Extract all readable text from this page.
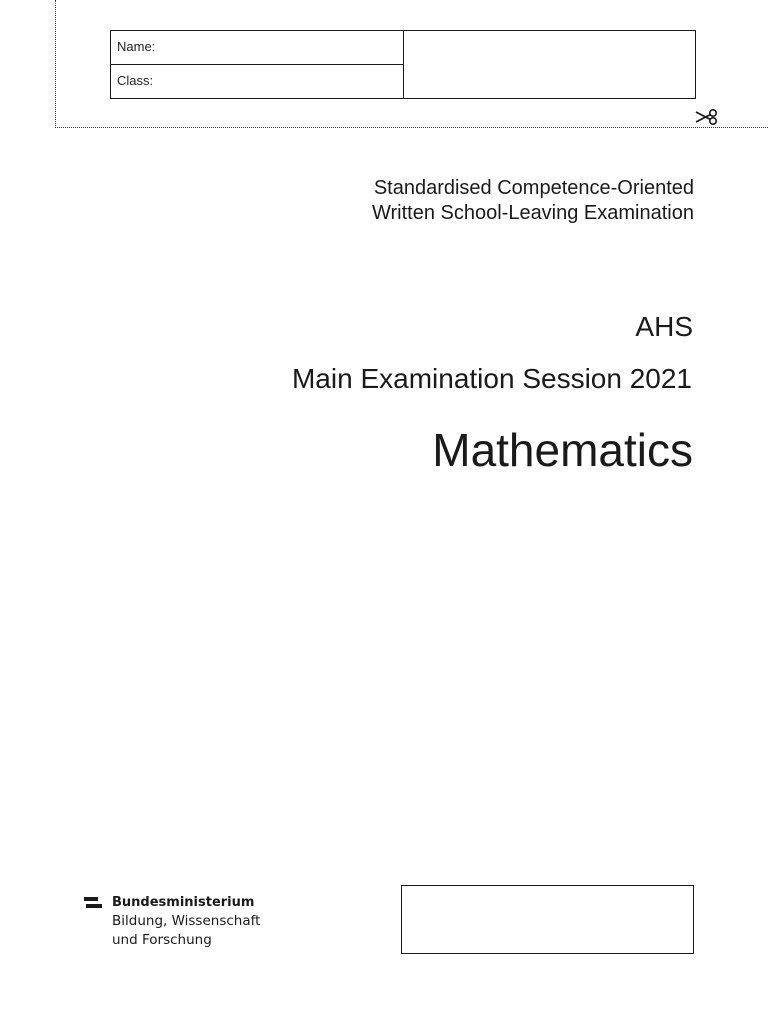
Name:
Class:
Standardised Competence-Oriented
Written School-Leaving Examination
AHS
Main Examination Session 2021
Mathematics
Bundesministerium
Bildung, Wissenschaft
und Forschung
